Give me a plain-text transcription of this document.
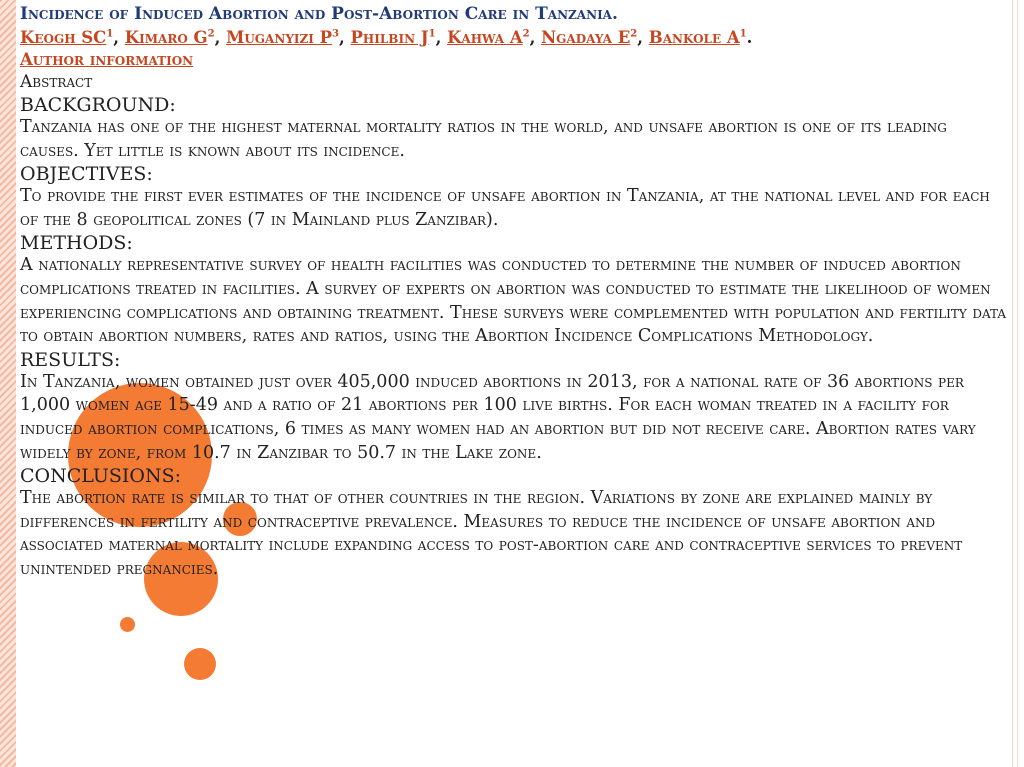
Incidence of Induced Abortion and Post-Abortion Care in Tanzania.
Keogh $SC^1$, Kimaro $G^2$, Muganyizi $P^3$, Philbin $J^1$, Kahwa $A^2$, Ngadaya $E^2$, Bankole $A^1$.
Author information
Abstract
BACKGROUND:
Tanzania has one of the highest maternal mortality ratios in the world, and unsafe abortion is one of its leading causes. Yet little is known about its incidence.
OBJECTIVES:
To provide the first ever estimates of the incidence of unsafe abortion in Tanzania, at the national level and for each of the 8 geopolitical zones (7 in Mainland plus Zanzibar).
METHODS:
A nationally representative survey of health facilities was conducted to determine the number of induced abortion complications treated in facilities. A survey of experts on abortion was conducted to estimate the likelihood of women experiencing complications and obtaining treatment. These surveys were complemented with population and fertility data to obtain abortion numbers, rates and ratios, using the Abortion Incidence Complications Methodology.
RESULTS:
In Tanzania, women obtained just over 405,000 induced abortions in 2013, for a national rate of 36 abortions per 1,000 women age 15-49 and a ratio of 21 abortions per 100 live births. For each woman treated in a facility for induced abortion complications, 6 times as many women had an abortion but did not receive care. Abortion rates vary widely by zone, from 10.7 in Zanzibar to 50.7 in the Lake zone.
CONCLUSIONS:
The abortion rate is similar to that of other countries in the region. Variations by zone are explained mainly by differences in fertility and contraceptive prevalence. Measures to reduce the incidence of unsafe abortion and associated maternal mortality include expanding access to post-abortion care and contraceptive services to prevent unintended pregnancies.
